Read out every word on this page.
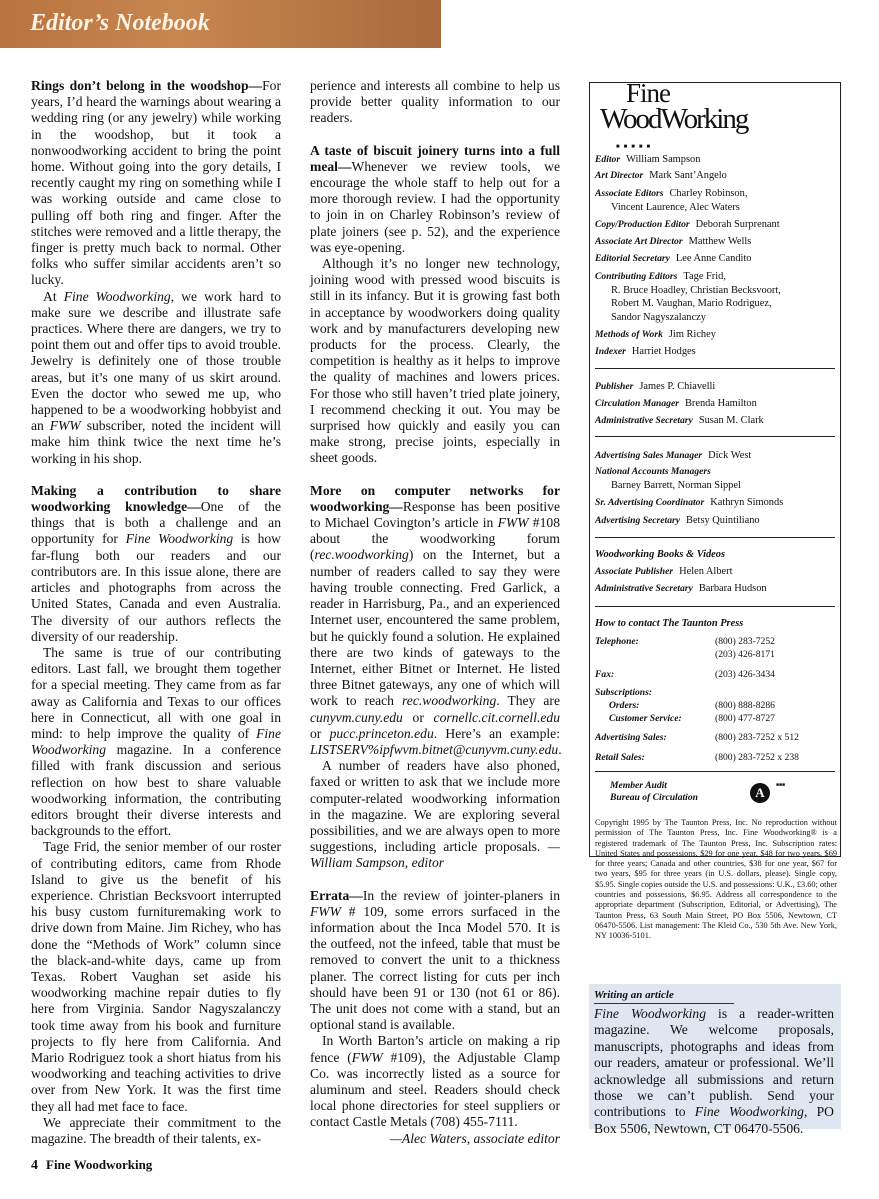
Editor’s Notebook

Rings don’t belong in the woodshop—For years, I’d heard the warnings about wearing a wedding ring (or any jewelry) while working in the woodshop, but it took a nonwoodworking accident to bring the point home. Without going into the gory details, I recently caught my ring on something while I was working outside and came close to pulling off both ring and finger. After the stitches were removed and a little therapy, the finger is pretty much back to normal. Other folks who suffer similar accidents aren’t so lucky.

At Fine Woodworking, we work hard to make sure we describe and illustrate safe practices. Where there are dangers, we try to point them out and offer tips to avoid trouble. Jewelry is definitely one of those trouble areas, but it’s one many of us skirt around. Even the doctor who sewed me up, who happened to be a woodworking hobbyist and an FWW subscriber, noted the incident will make him think twice the next time he’s working in his shop.

Making a contribution to share woodworking knowledge—One of the things that is both a challenge and an opportunity for Fine Woodworking is how far-flung both our readers and our contributors are. In this issue alone, there are articles and photographs from across the United States, Canada and even Australia. The diversity of our authors reflects the diversity of our readership.

The same is true of our contributing editors. Last fall, we brought them together for a special meeting. They came from as far away as California and Texas to our offices here in Connecticut, all with one goal in mind: to help improve the quality of Fine Woodworking magazine. In a conference filled with frank discussion and serious reflection on how best to share valuable woodworking information, the contributing editors brought their diverse interests and backgrounds to the effort.

Tage Frid, the senior member of our roster of contributing editors, came from Rhode Island to give us the benefit of his experience. Christian Becksvoort interrupted his busy custom furnituremaking work to drive down from Maine. Jim Richey, who has done the “Methods of Work” column since the black-and-white days, came up from Texas. Robert Vaughan set aside his woodworking machine repair duties to fly here from Virginia. Sandor Nagyszalanczy took time away from his book and furniture projects to fly here from California. And Mario Rodriguez took a short hiatus from his woodworking and teaching activities to drive over from New York. It was the first time they all had met face to face.

We appreciate their commitment to the magazine. The breadth of their talents, ex-

perience and interests all combine to help us provide better quality information to our readers.

A taste of biscuit joinery turns into a full meal—Whenever we review tools, we encourage the whole staff to help out for a more thorough review. I had the opportunity to join in on Charley Robinson’s review of plate joiners (see p. 52), and the experience was eye-opening.

Although it’s no longer new technology, joining wood with pressed wood biscuits is still in its infancy. But it is growing fast both in acceptance by woodworkers doing quality work and by manufacturers developing new products for the process. Clearly, the competition is healthy as it helps to improve the quality of machines and lowers prices. For those who still haven’t tried plate joinery, I recommend checking it out. You may be surprised how quickly and easily you can make strong, precise joints, especially in sheet goods.

More on computer networks for woodworking—Response has been positive to Michael Covington’s article in FWW #108 about the woodworking forum (rec.woodworking) on the Internet, but a number of readers called to say they were having trouble connecting. Fred Garlick, a reader in Harrisburg, Pa., and an experienced Internet user, encountered the same problem, but he quickly found a solution. He explained there are two kinds of gateways to the Internet, either Bitnet or Internet. He listed three Bitnet gateways, any one of which will work to reach rec.woodworking. They are cunyvm.cuny.edu or cornellc.cit.cornell.edu or pucc.princeton.edu. Here’s an example: LISTSERV%ipfwvm.bitnet@cunyvm.cuny.edu.

A number of readers have also phoned, faxed or written to ask that we include more computer-related woodworking information in the magazine. We are exploring several possibilities, and we are always open to more suggestions, including article proposals. —William Sampson, editor

Errata—In the review of jointer-planers in FWW # 109, some errors surfaced in the information about the Inca Model 570. It is the outfeed, not the infeed, table that must be removed to convert the unit to a thickness planer. The correct listing for cuts per inch should have been 91 or 130 (not 61 or 86). The unit does not come with a stand, but an optional stand is available.

In Worth Barton’s article on making a rip fence (FWW #109), the Adjustable Clamp Co. was incorrectly listed as a source for aluminum and steel. Readers should check local phone directories for steel suppliers or contact Castle Metals (708) 455-7111.

—Alec Waters, associate editor

Fine
WoodWorking
■■■■■
Editor William Sampson
Art Director Mark Sant’Angelo
Associate Editors Charley Robinson,
Vincent Laurence, Alec Waters
Copy/Production Editor Deborah Surprenant
Associate Art Director Matthew Wells
Editorial Secretary Lee Anne Candito
Contributing Editors Tage Frid,
R. Bruce Hoadley, Christian Becksvoort,
Robert M. Vaughan, Mario Rodriguez,
Sandor Nagyszalanczy
Methods of Work Jim Richey
Indexer Harriet Hodges
Publisher James P. Chiavelli
Circulation Manager Brenda Hamilton
Administrative Secretary Susan M. Clark
Advertising Sales Manager Dick West
National Accounts Managers
Barney Barrett, Norman Sippel
Sr. Advertising Coordinator Kathryn Simonds
Advertising Secretary Betsy Quintiliano
Woodworking Books & Videos
Associate Publisher Helen Albert
Administrative Secretary Barbara Hudson
How to contact The Taunton Press
Telephone:	(800) 283-7252
(203) 426-8171
Fax:	(203) 426-3434
Subscriptions:
Orders:	(800) 888-8286
Customer Service:	(800) 477-8727
Advertising Sales:	(800) 283-7252 x 512
Retail Sales:	(800) 283-7252 x 238
Member Audit
Bureau of Circulation	A	■■■
Copyright 1995 by The Taunton Press, Inc. No reproduction without permission of The Taunton Press, Inc. Fine Woodworking® is a registered trademark of The Taunton Press, Inc. Subscription rates: United States and possessions, $29 for one year, $48 for two years, $69 for three years; Canada and other countries, $38 for one year, $67 for two years, $95 for three years (in U.S. dollars, please). Single copy, $5.95. Single copies outside the U.S. and possessions: U.K., £3.60; other countries and possessions, $6.95. Address all correspondence to the appropriate department (Subscription, Editorial, or Advertising), The Taunton Press, 63 South Main Street, PO Box 5506, Newtown, CT 06470-5506. List management: The Kleid Co., 530 5th Ave. New York, NY 10036-5101.
Writing an article
Fine Woodworking is a reader-written magazine. We welcome proposals, manuscripts, photographs and ideas from our readers, amateur or professional. We’ll acknowledge all submissions and return those we can’t publish. Send your contributions to Fine Woodworking, PO Box 5506, Newtown, CT 06470-5506.
4 Fine Woodworking
